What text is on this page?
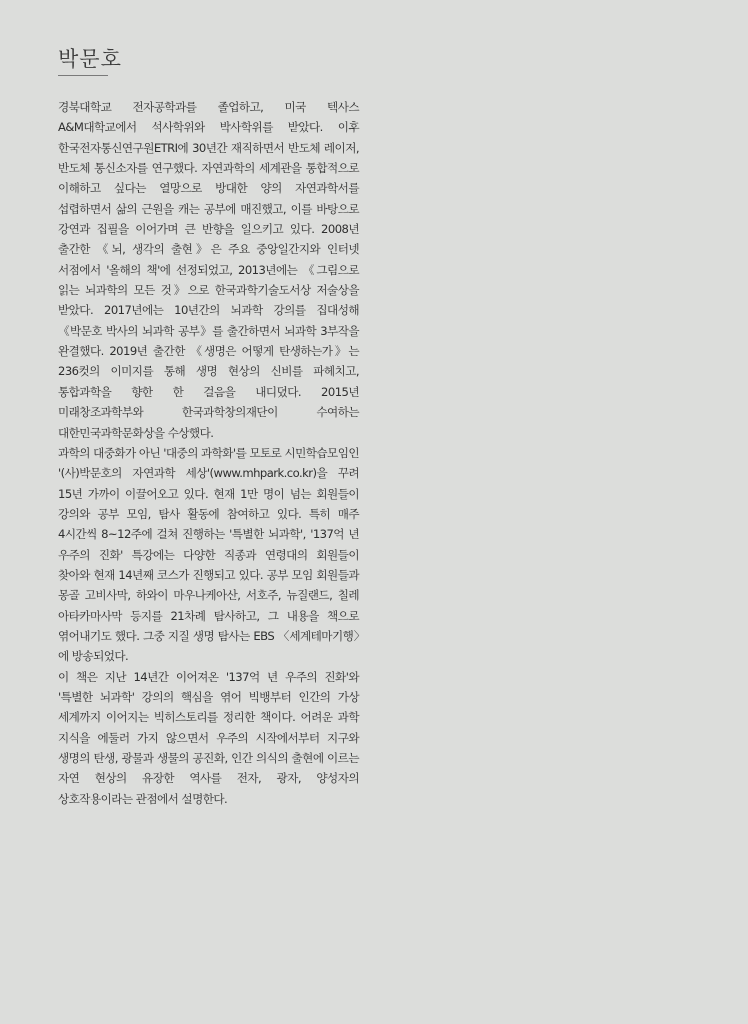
박문호

경북대학교 전자공학과를 졸업하고, 미국 텍사스 A&M대학교에서 석사학위와 박사학위를 받았다. 이후 한국전자통신연구원ETRI에 30년간 재직하면서 반도체 레이저, 반도체 통신소자를 연구했다. 자연과학의 세계관을 통합적으로 이해하고 싶다는 열망으로 방대한 양의 자연과학서를 섭렵하면서 삶의 근원을 캐는 공부에 매진했고, 이를 바탕으로 강연과 집필을 이어가며 큰 반향을 일으키고 있다. 2008년 출간한 《뇌, 생각의 출현》은 주요 중앙일간지와 인터넷 서점에서 '올해의 책'에 선정되었고, 2013년에는 《그림으로 읽는 뇌과학의 모든 것》으로 한국과학기술도서상 저술상을 받았다. 2017년에는 10년간의 뇌과학 강의를 집대성해 《박문호 박사의 뇌과학 공부》를 출간하면서 뇌과학 3부작을 완결했다. 2019년 출간한 《생명은 어떻게 탄생하는가》는 236컷의 이미지를 통해 생명 현상의 신비를 파헤치고, 통합과학을 향한 한 걸음을 내디뎠다. 2015년 미래창조과학부와 한국과학창의재단이 수여하는 대한민국과학문화상을 수상했다.

과학의 대중화가 아닌 '대중의 과학화'를 모토로 시민학습모임인 '(사)박문호의 자연과학 세상'(www.mhpark.co.kr)을 꾸려 15년 가까이 이끌어오고 있다. 현재 1만 명이 넘는 회원들이 강의와 공부 모임, 탐사 활동에 참여하고 있다. 특히 매주 4시간씩 8~12주에 걸쳐 진행하는 '특별한 뇌과학', '137억 년 우주의 진화' 특강에는 다양한 직종과 연령대의 회원들이 찾아와 현재 14년째 코스가 진행되고 있다. 공부 모임 회원들과 몽골 고비사막, 하와이 마우나케아산, 서호주, 뉴질랜드, 칠레 아타카마사막 등지를 21차례 탐사하고, 그 내용을 책으로 엮어내기도 했다. 그중 지질 생명 탐사는 EBS 〈세계테마기행〉에 방송되었다.

이 책은 지난 14년간 이어져온 '137억 년 우주의 진화'와 '특별한 뇌과학' 강의의 핵심을 엮어 빅뱅부터 인간의 가상 세계까지 이어지는 빅히스토리를 정리한 책이다. 어려운 과학 지식을 에둘러 가지 않으면서 우주의 시작에서부터 지구와 생명의 탄생, 광물과 생물의 공진화, 인간 의식의 출현에 이르는 자연 현상의 유장한 역사를 전자, 광자, 양성자의 상호작용이라는 관점에서 설명한다.
